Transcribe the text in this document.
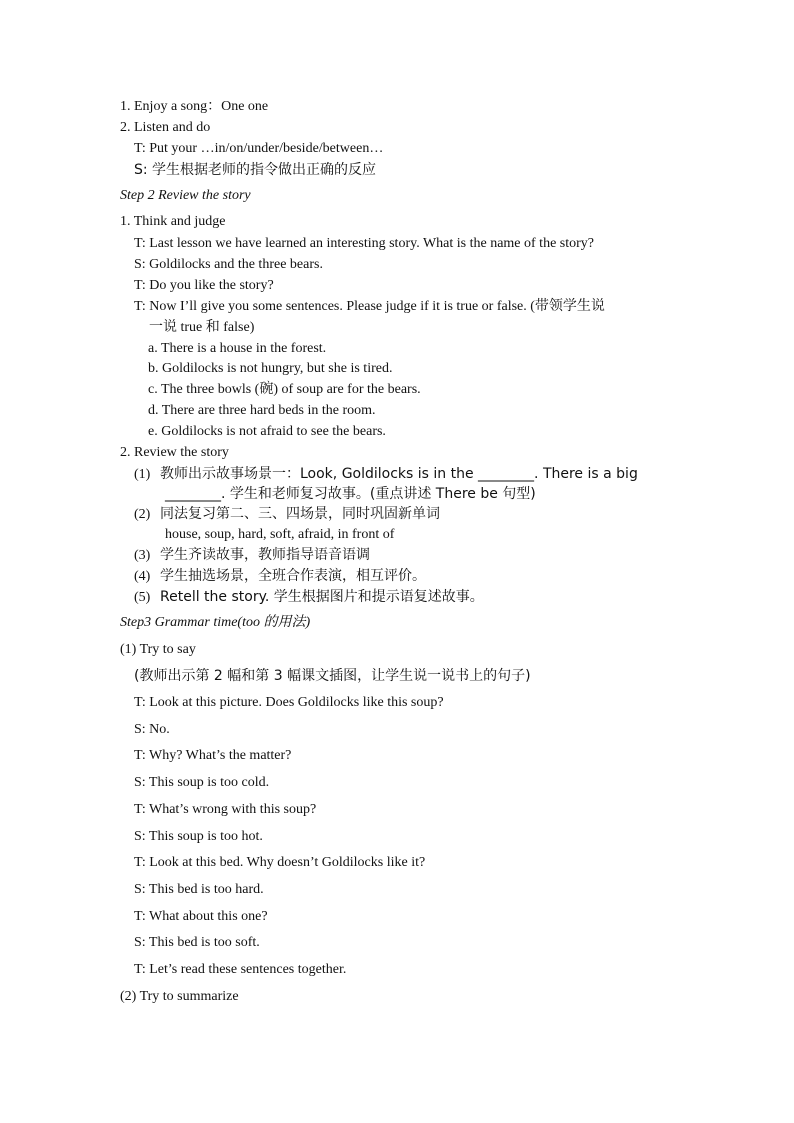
1. Enjoy a song：One one
2. Listen and do
T: Put your …in/on/under/beside/between…
S: 学生根据老师的指令做出正确的反应
Step 2 Review the story
1. Think and judge
T: Last lesson we have learned an interesting story. What is the name of the story?
S: Goldilocks and the three bears.
T: Do you like the story?
T: Now I’ll give you some sentences. Please judge if it is true or false. (带领学生说
一说 true 和 false)
a. There is a house in the forest.
b. Goldilocks is not hungry, but she is tired.
c. The three bowls (碗) of soup are for the bears.
d. There are three hard beds in the room.
e. Goldilocks is not afraid to see the bears.
2. Review the story
(1) 教师出示故事场景一：Look, Goldilocks is in the ________. There is a big
________. 学生和老师复习故事。(重点讲述 There be 句型)
(2) 同法复习第二、三、四场景，同时巩固新单词
house, soup, hard, soft, afraid, in front of
(3) 学生齐读故事，教师指导语音语调
(4) 学生抽选场景，全班合作表演，相互评价。
(5) Retell the story. 学生根据图片和提示语复述故事。
Step3 Grammar time(too 的用法)
(1) Try to say
(教师出示第 2 幅和第 3 幅课文插图，让学生说一说书上的句子)
T: Look at this picture. Does Goldilocks like this soup?
S: No.
T: Why? What’s the matter?
S: This soup is too cold.
T: What’s wrong with this soup?
S: This soup is too hot.
T: Look at this bed. Why doesn’t Goldilocks like it?
S: This bed is too hard.
T: What about this one?
S: This bed is too soft.
T: Let’s read these sentences together.
(2) Try to summarize
